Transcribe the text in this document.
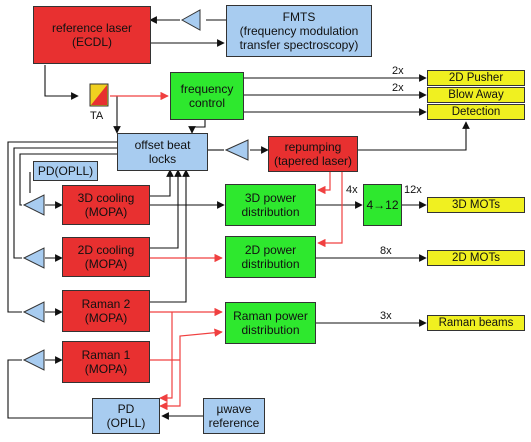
reference laser
(ECDL)
FMTS
(frequency modulation
transfer spectroscopy)
frequency
control
offset beat
locks
repumping
(tapered laser)
PD(OPLL)
3D cooling
(MOPA)
3D power
distribution	4→12
2D cooling
(MOPA)
2D power
distribution
Raman 2
(MOPA)	Raman power
distribution
Raman 1
(MOPA)
PD
(OPLL)
µwave
reference
2D Pusher
Blow Away
Detection
3D MOTs
2D MOTs
Raman beams
TA
2x
2x
4x	12x
8x
3x
